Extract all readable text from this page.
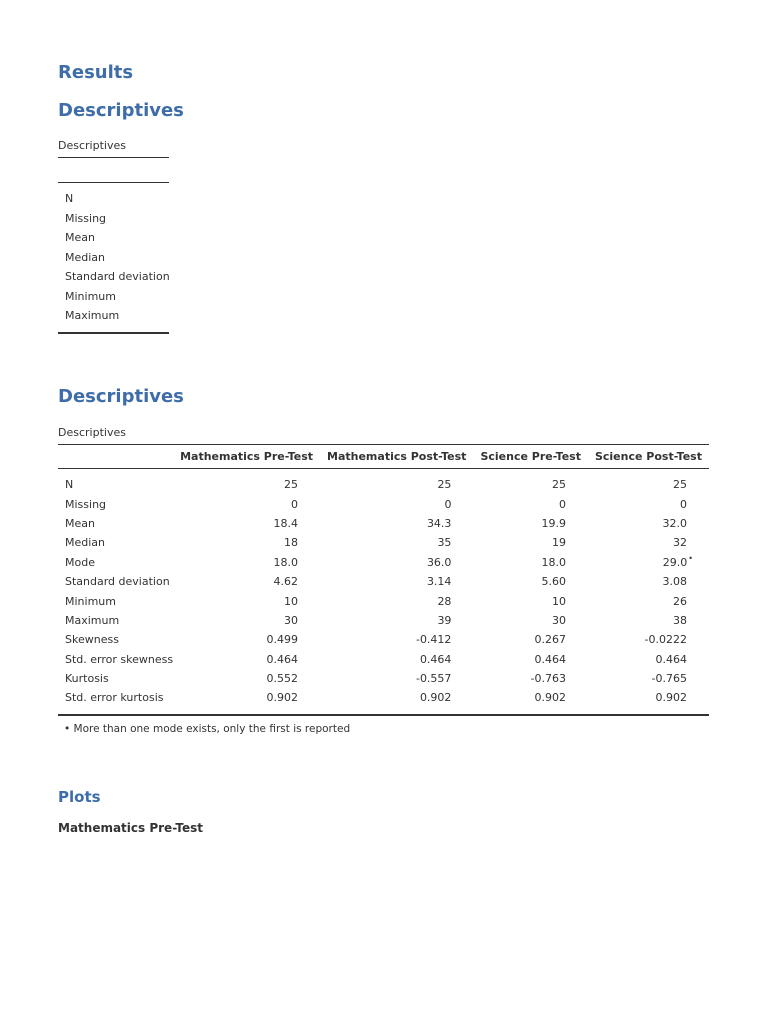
Results
Descriptives
Descriptives
N
Missing
Mean
Median
Standard deviation
Minimum
Maximum
Descriptives
Descriptives
	Mathematics Pre-Test	Mathematics Post-Test	Science Pre-Test	Science Post-Test
N	25	25	25	25
Missing	0	0	0	0
Mean	18.4	34.3	19.9	32.0
Median	18	35	19	32
Mode	18.0	36.0	18.0	29.0•
Standard deviation	4.62	3.14	5.60	3.08
Minimum	10	28	10	26
Maximum	30	39	30	38
Skewness	0.499	-0.412	0.267	-0.0222
Std. error skewness	0.464	0.464	0.464	0.464
Kurtosis	0.552	-0.557	-0.763	-0.765
Std. error kurtosis	0.902	0.902	0.902	0.902
• More than one mode exists, only the first is reported
Plots
Mathematics Pre-Test
